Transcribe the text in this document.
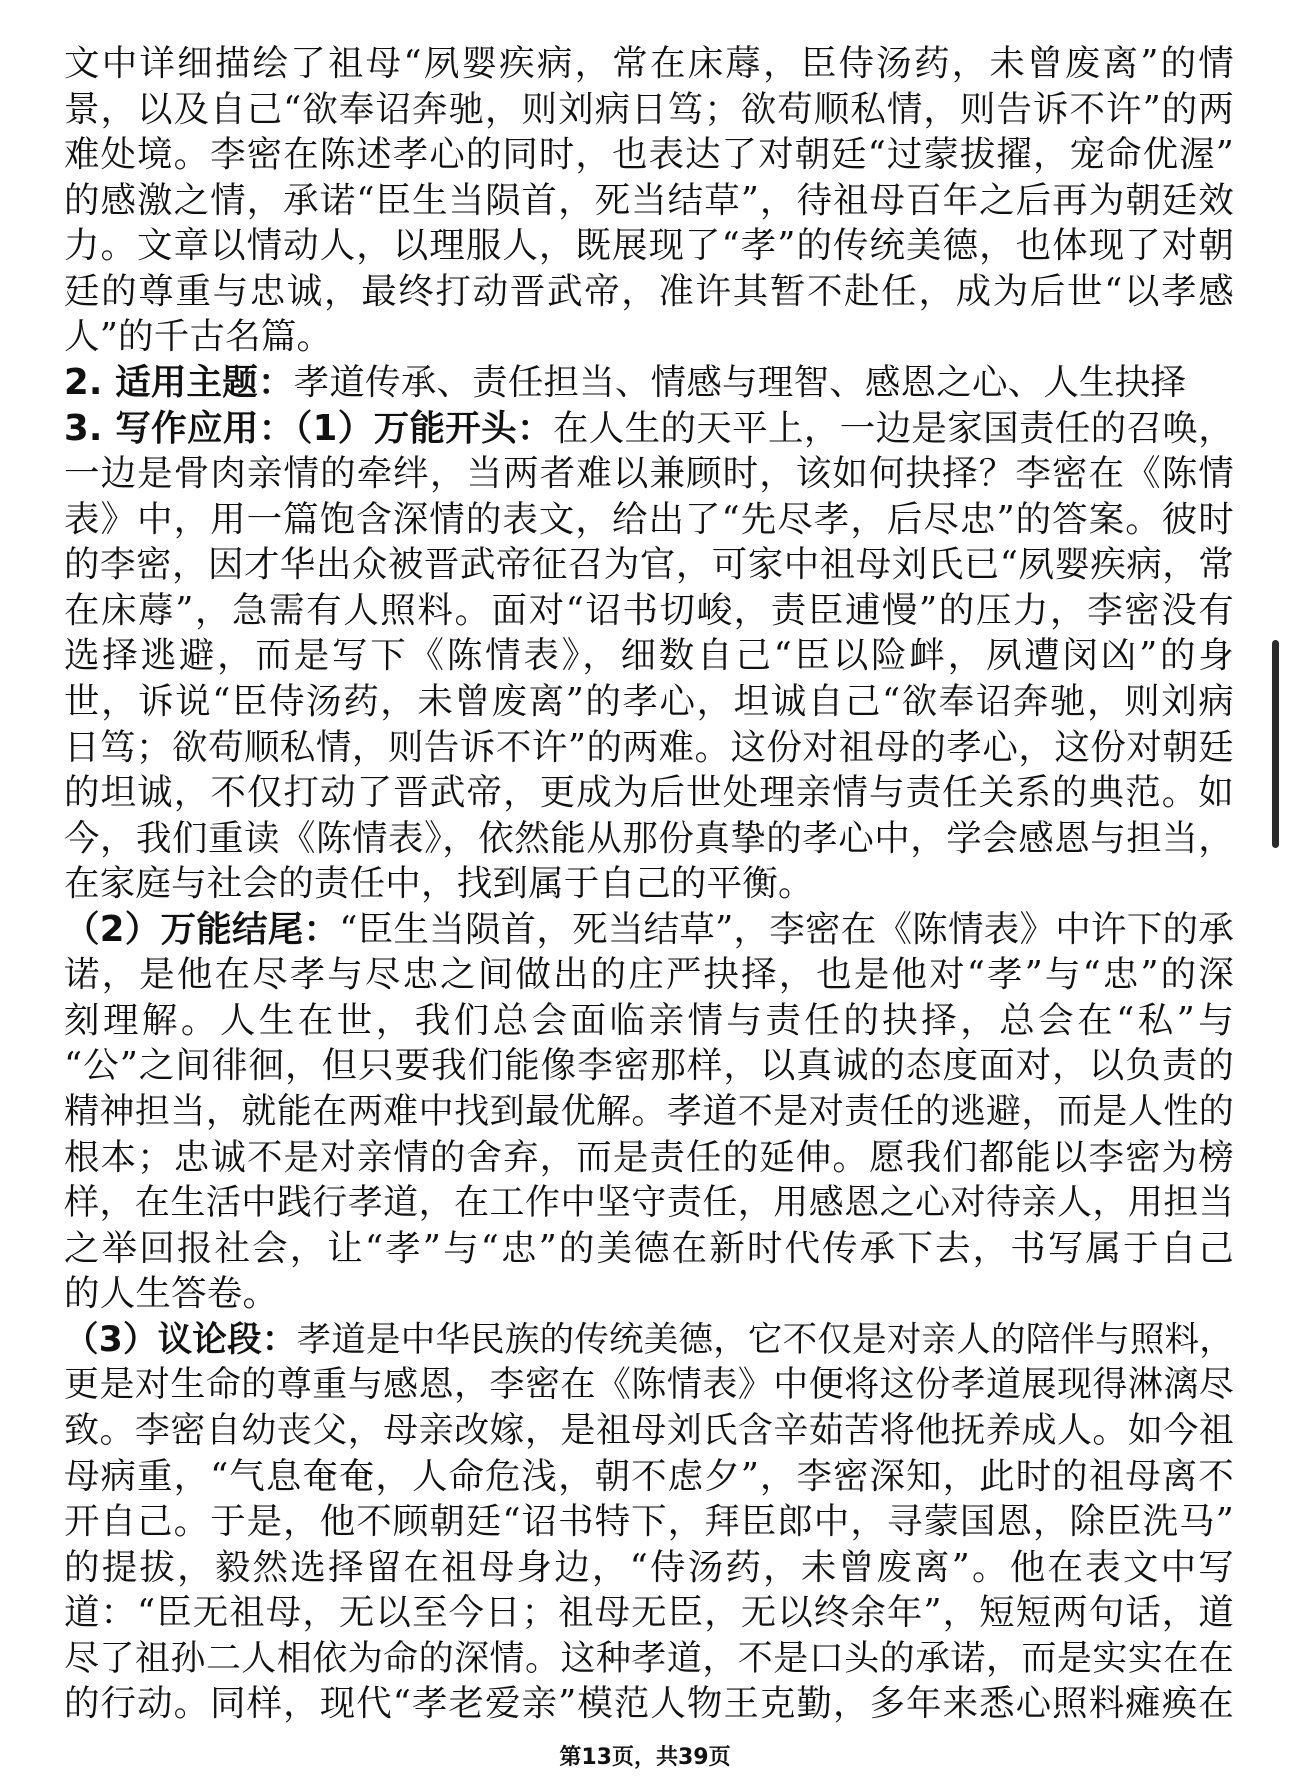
文中详细描绘了祖母“夙婴疾病，常在床蓐，臣侍汤药，未曾废离”的情
景，以及自己“欲奉诏奔驰，则刘病日笃；欲苟顺私情，则告诉不许”的两
难处境。李密在陈述孝心的同时，也表达了对朝廷“过蒙拔擢，宠命优渥”
的感激之情，承诺“臣生当陨首，死当结草”，待祖母百年之后再为朝廷效
力。文章以情动人，以理服人，既展现了“孝”的传统美德，也体现了对朝
廷的尊重与忠诚，最终打动晋武帝，准许其暂不赴任，成为后世“以孝感
人”的千古名篇。
2. 适用主题：孝道传承、责任担当、情感与理智、感恩之心、人生抉择
3. 写作应用：（1）万能开头：在人生的天平上，一边是家国责任的召唤，
一边是骨肉亲情的牵绊，当两者难以兼顾时，该如何抉择？李密在《陈情
表》中，用一篇饱含深情的表文，给出了“先尽孝，后尽忠”的答案。彼时
的李密，因才华出众被晋武帝征召为官，可家中祖母刘氏已“夙婴疾病，常
在床蓐”，急需有人照料。面对“诏书切峻，责臣逋慢”的压力，李密没有
选择逃避，而是写下《陈情表》，细数自己“臣以险衅，夙遭闵凶”的身
世，诉说“臣侍汤药，未曾废离”的孝心，坦诚自己“欲奉诏奔驰，则刘病
日笃；欲苟顺私情，则告诉不许”的两难。这份对祖母的孝心，这份对朝廷
的坦诚，不仅打动了晋武帝，更成为后世处理亲情与责任关系的典范。如
今，我们重读《陈情表》，依然能从那份真挚的孝心中，学会感恩与担当，
在家庭与社会的责任中，找到属于自己的平衡。
（2）万能结尾：“臣生当陨首，死当结草”，李密在《陈情表》中许下的承
诺，是他在尽孝与尽忠之间做出的庄严抉择，也是他对“孝”与“忠”的深
刻理解。人生在世，我们总会面临亲情与责任的抉择，总会在“私”与
“公”之间徘徊，但只要我们能像李密那样，以真诚的态度面对，以负责的
精神担当，就能在两难中找到最优解。孝道不是对责任的逃避，而是人性的
根本；忠诚不是对亲情的舍弃，而是责任的延伸。愿我们都能以李密为榜
样，在生活中践行孝道，在工作中坚守责任，用感恩之心对待亲人，用担当
之举回报社会，让“孝”与“忠”的美德在新时代传承下去，书写属于自己
的人生答卷。
（3）议论段：孝道是中华民族的传统美德，它不仅是对亲人的陪伴与照料，
更是对生命的尊重与感恩，李密在《陈情表》中便将这份孝道展现得淋漓尽
致。李密自幼丧父，母亲改嫁，是祖母刘氏含辛茹苦将他抚养成人。如今祖
母病重，“气息奄奄，人命危浅，朝不虑夕”，李密深知，此时的祖母离不
开自己。于是，他不顾朝廷“诏书特下，拜臣郎中，寻蒙国恩，除臣洗马”
的提拔，毅然选择留在祖母身边，“侍汤药，未曾废离”。他在表文中写
道：“臣无祖母，无以至今日；祖母无臣，无以终余年”，短短两句话，道
尽了祖孙二人相依为命的深情。这种孝道，不是口头的承诺，而是实实在在
的行动。同样，现代“孝老爱亲”模范人物王克勤，多年来悉心照料瘫痪在
第13页，共39页
